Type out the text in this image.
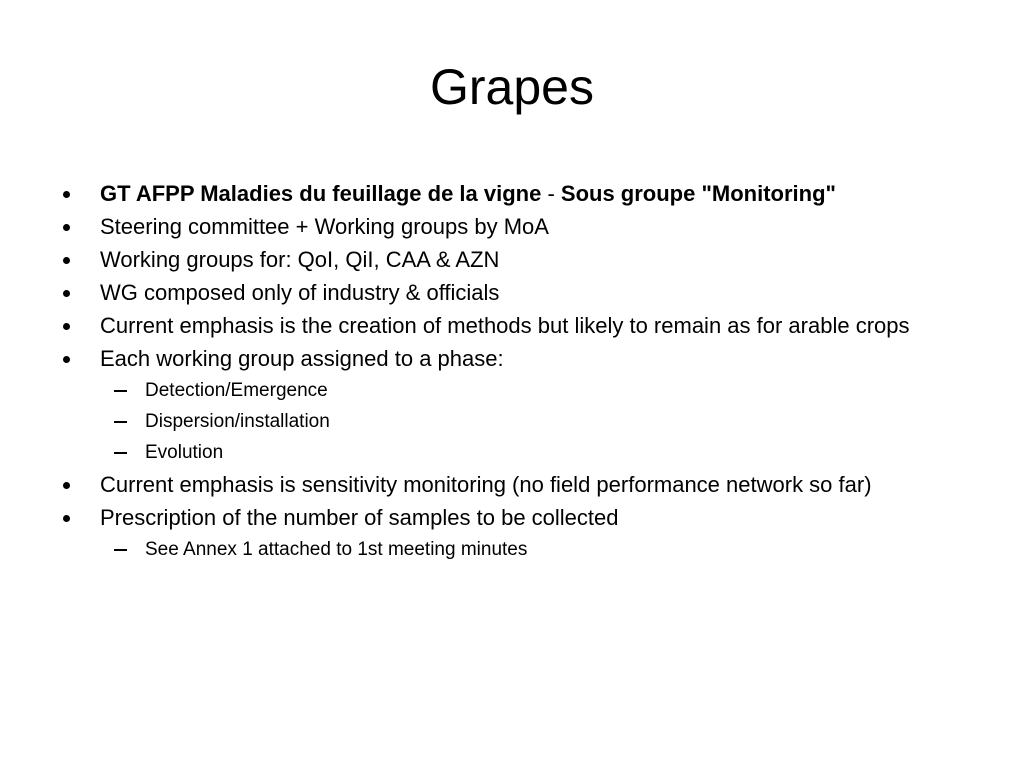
Grapes
GT AFPP Maladies du feuillage de la vigne - Sous groupe "Monitoring"
Steering committee + Working groups by MoA
Working groups for: QoI, QiI, CAA & AZN
WG composed only of industry & officials
Current emphasis is the creation of methods but likely to remain as for arable crops
Each working group assigned to a phase:
Detection/Emergence
Dispersion/installation
Evolution
Current emphasis is sensitivity monitoring (no field performance network so far)
Prescription of the number of samples to be collected
See Annex 1 attached to 1st meeting minutes
